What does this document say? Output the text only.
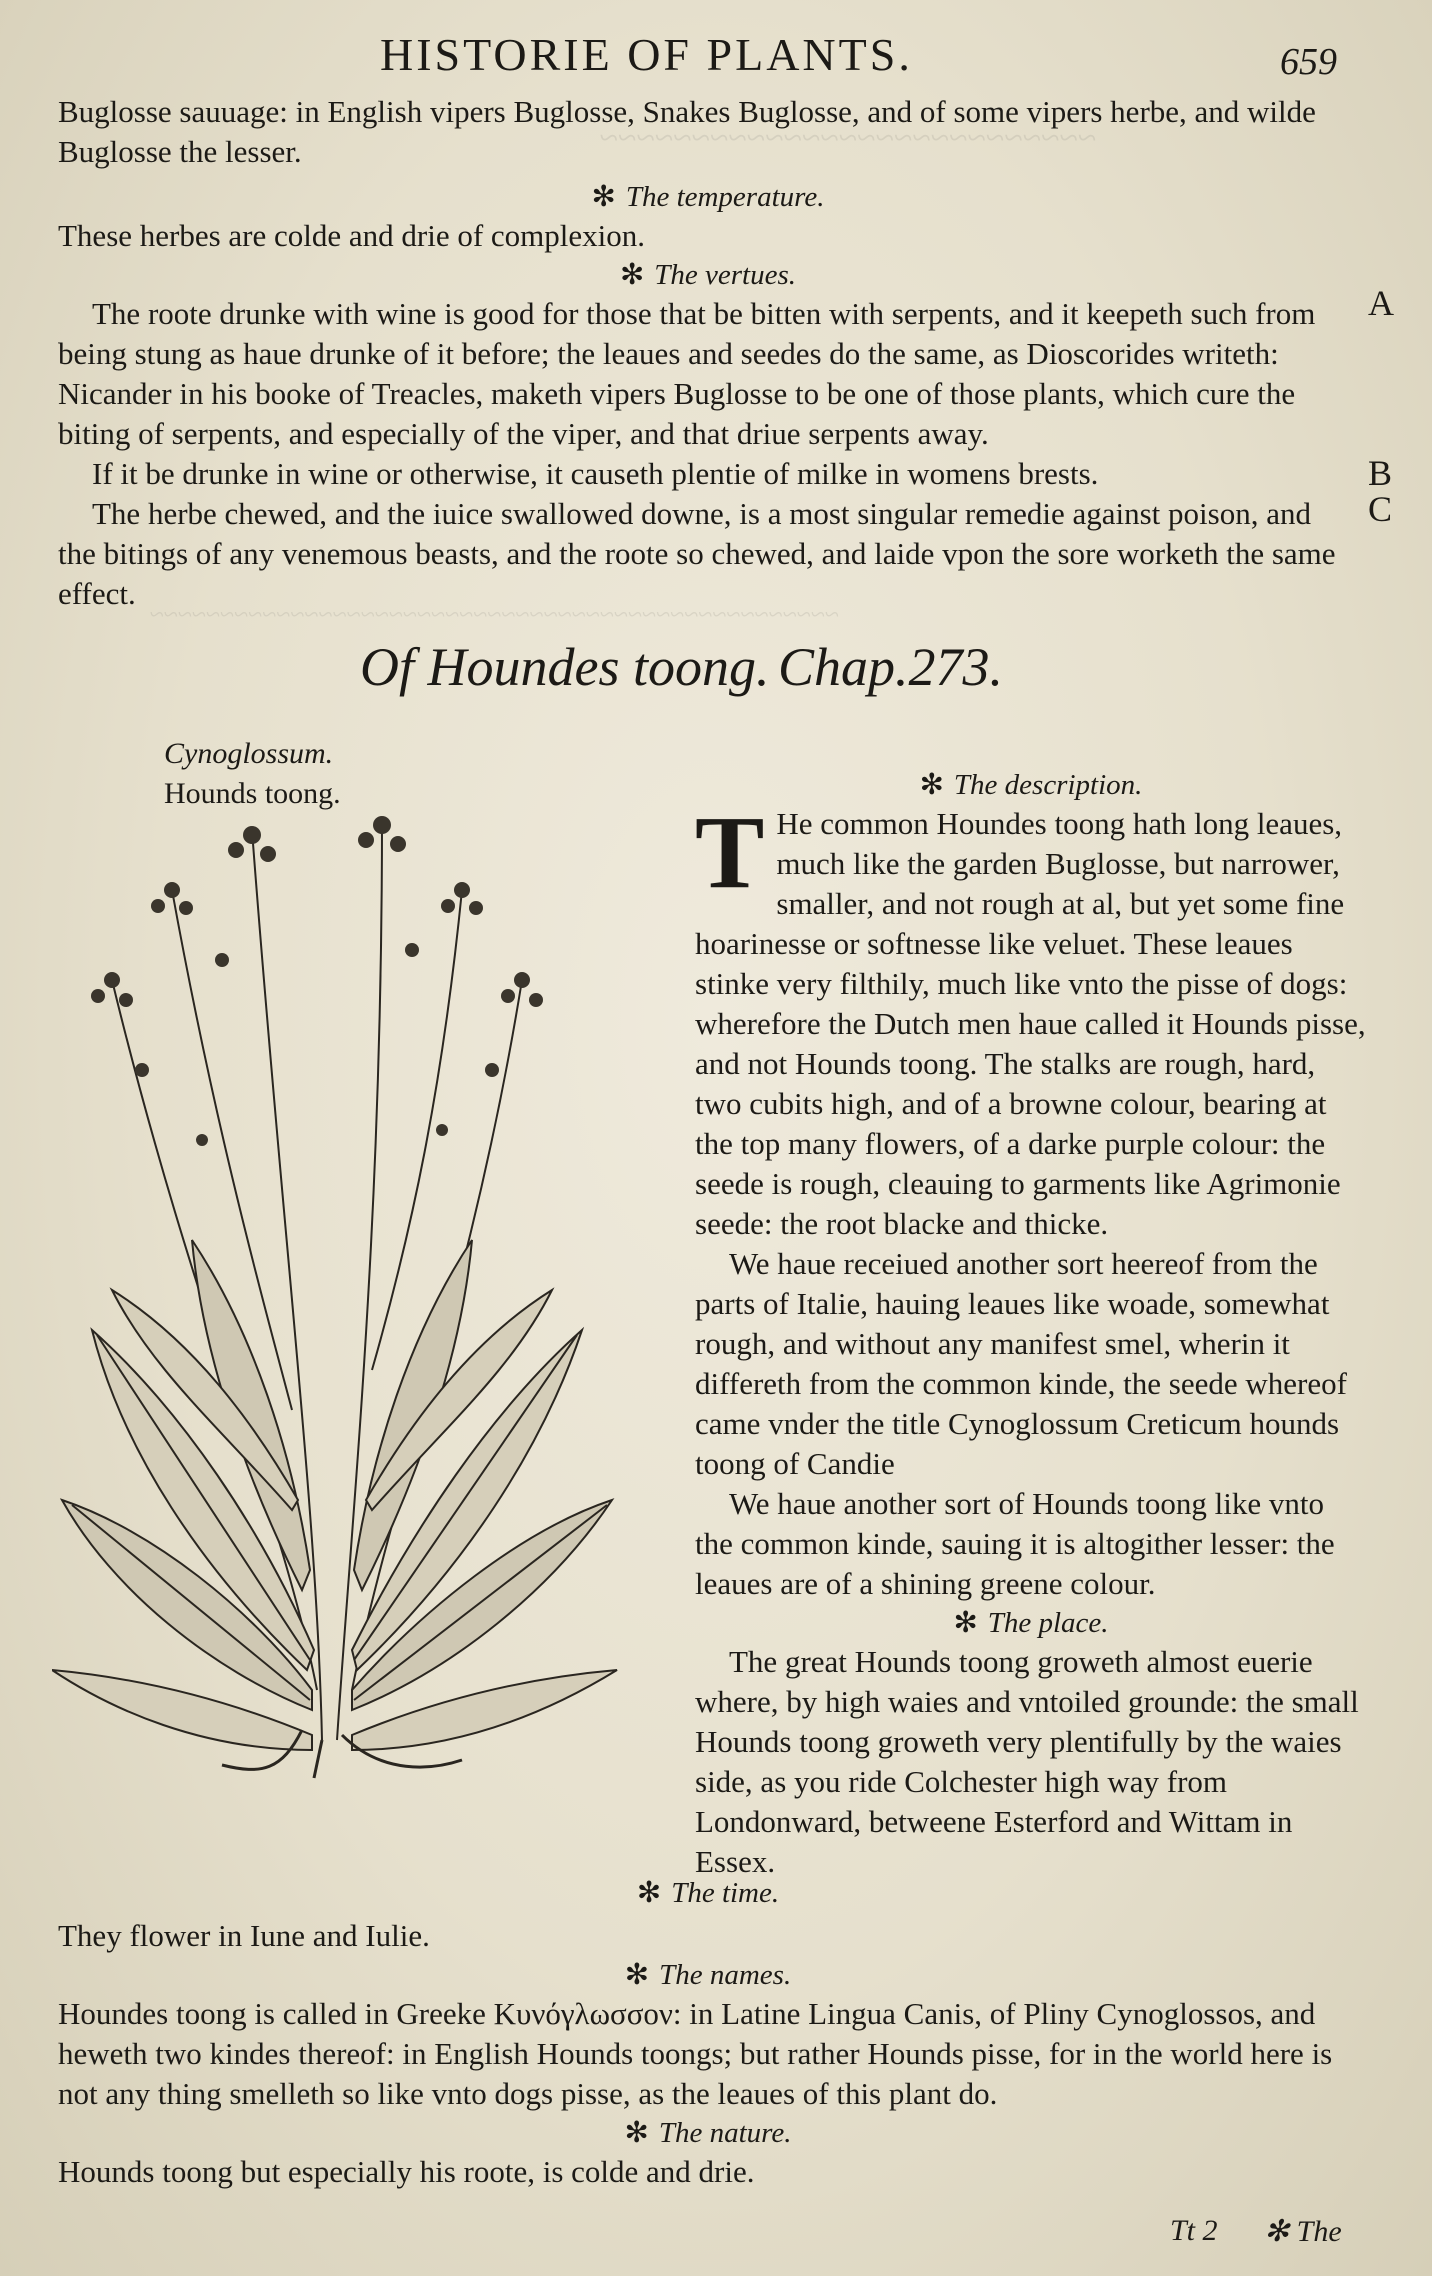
~~~~~~~~~~~~~~~~~~~~~~~~~~~
~~~~~~~~~~~~~~~~~~~~~~~~~~~~~~~~~~~~~~~~~~~~~~~~~
HISTORIE OF PLANTS.	659

Buglosse sauuage: in English vipers Buglosse, Snakes Buglosse, and of some vipers herbe, and wilde Buglosse the lesser.

✻ The temperature.

These herbes are colde and drie of complexion.

✻ The vertues.

The roote drunke with wine is good for those that be bitten with serpents, and it keepeth such from being stung as haue drunke of it before; the leaues and seedes do the same, as Dioscorides writeth: Nicander in his booke of Treacles, maketh vipers Buglosse to be one of those plants, which cure the biting of serpents, and especially of the viper, and that driue serpents away.

If it be drunke in wine or otherwise, it causeth plentie of milke in womens brests.

The herbe chewed, and the iuice swallowed downe, is a most singular remedie against poison, and the bitings of any venemous beasts, and the roote so chewed, and laide vpon the sore worketh the same effect.

A
B
C
Of Houndes toong. Chap.273.
Cynoglossum.
Hounds toong.	✻ The description.

T He common Houndes toong hath long leaues, much like the garden Buglosse, but narrower, smaller, and not rough at al, but yet some fine hoarinesse or softnesse like veluet. These leaues stinke very filthily, much like vnto the pisse of dogs: wherefore the Dutch men haue called it Hounds pisse, and not Hounds toong. The stalks are rough, hard, two cubits high, and of a browne colour, bearing at the top many flowers, of a darke purple colour: the seede is rough, cleauing to garments like Agrimonie seede: the root blacke and thicke.

We haue receiued another sort heereof from the parts of Italie, hauing leaues like woade, somewhat rough, and without any manifest smel, wherin it differeth from the common kinde, the seede whereof came vnder the title Cynoglossum Creticum hounds toong of Candie

We haue another sort of Hounds toong like vnto the common kinde, sauing it is altogither lesser: the leaues are of a shining greene colour.

✻ The place.

The great Hounds toong groweth almost euerie where, by high waies and vntoiled grounde: the small Hounds toong groweth very plentifully by the waies side, as you ride Colchester high way from Londonward, betweene Esterford and Wittam in Essex.

✻ The time.

They flower in Iune and Iulie.

✻ The names.

Houndes toong is called in Greeke Κυνόγλωσσον: in Latine Lingua Canis, of Pliny Cynoglossos, and heweth two kindes thereof: in English Hounds toongs; but rather Hounds pisse, for in the world here is not any thing smelleth so like vnto dogs pisse, as the leaues of this plant do.

✻ The nature.

Hounds toong but especially his roote, is colde and drie.

Tt 2 ✻ The
